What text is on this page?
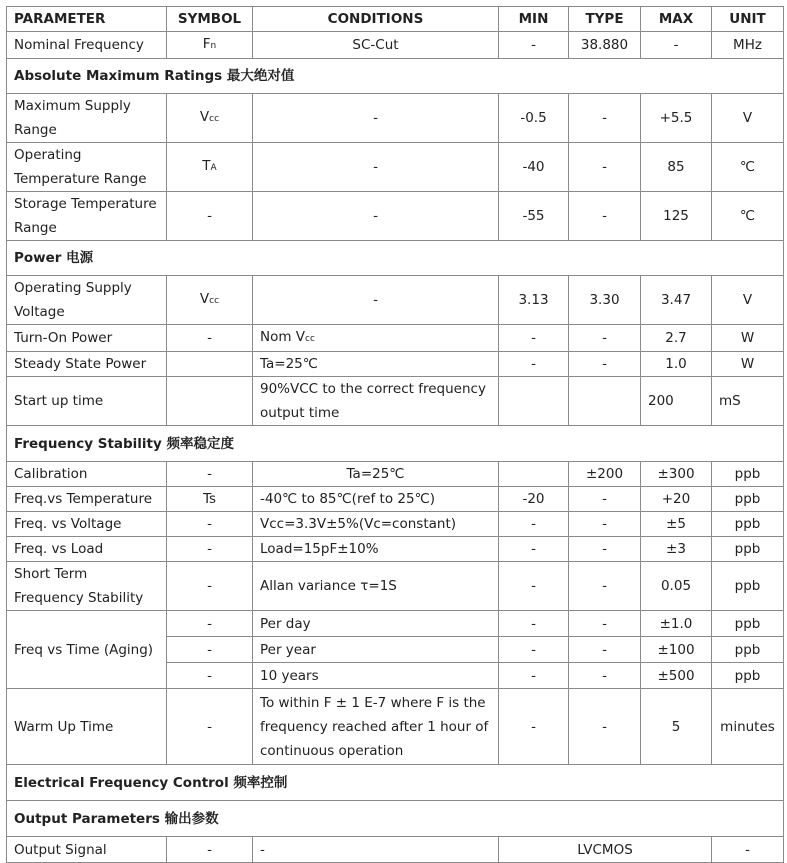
PARAMETER	SYMBOL	CONDITIONS	MIN	TYPE	MAX	UNIT
Nominal Frequency	Fn	SC-Cut	-	38.880	-	MHz
Absolute Maximum Ratings 最大绝对值						
Maximum Supply Range	Vcc	-	-0.5	-	+5.5	V
Operating Temperature Range	TA	-	-40	-	85	℃
Storage Temperature Range	-	-	-55	-	125	℃
Power 电源						
Operating Supply Voltage	Vcc	-	3.13	3.30	3.47	V
Turn-On Power	-	Nom Vcc	-	-	2.7	W
Steady State Power		Ta=25℃	-	-	1.0	W
Start up time		90%VCC to the correct frequency output time			200	mS
Frequency Stability 频率稳定度						
Calibration	-	Ta=25℃		±200	±300	ppb
Freq.vs Temperature	Ts	-40℃ to 85℃(ref to 25℃)	-20	-	+20	ppb
Freq. vs Voltage	-	Vcc=3.3V±5%(Vc=constant)	-	-	±5	ppb
Freq. vs Load	-	Load=15pF±10%	-	-	±3	ppb
Short Term Frequency Stability	-	Allan variance τ=1S	-	-	0.05	ppb
Freq vs Time (Aging)	-	Per day	-	-	±1.0	ppb
	-	Per year	-	-	±100	ppb
	-	10 years	-	-	±500	ppb
Warm Up Time	-	To within F ± 1 E-7 where F is the frequency reached after 1 hour of continuous operation	-	-	5	minutes
Electrical Frequency Control 频率控制						
Output Parameters 输出参数						
Output Signal	-	-	LVCMOS			-
